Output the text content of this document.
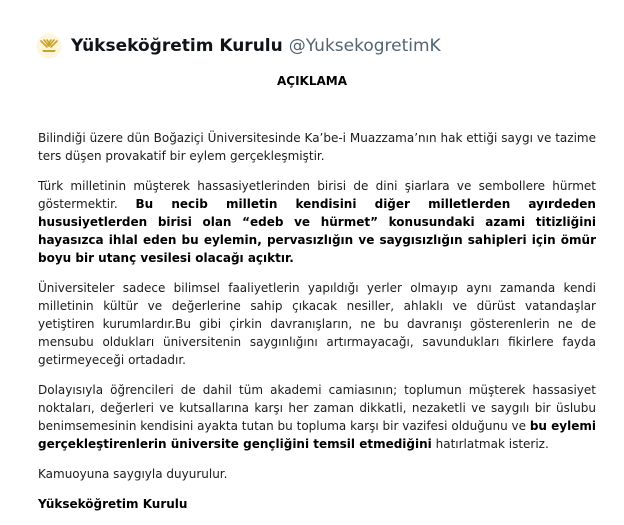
Yükseköğretim Kurulu @YuksekogretimK
AÇIKLAMA

Bilindiği üzere dün Boğaziçi Üniversitesinde Ka’be-i Muazzama’nın hak ettiği saygı ve tazime ters düşen provakatif bir eylem gerçekleşmiştir.

Türk milletinin müşterek hassasiyetlerinden birisi de dini şiarlara ve sembollere hürmet göstermektir. Bu necib milletin kendisini diğer milletlerden ayırdeden hususiyetlerden birisi olan “edeb ve hürmet” konusundaki azami titizliğini hayasızca ihlal eden bu eylemin, pervasızlığın ve saygısızlığın sahipleri için ömür boyu bir utanç vesilesi olacağı açıktır.

Üniversiteler sadece bilimsel faaliyetlerin yapıldığı yerler olmayıp aynı zamanda kendi milletinin kültür ve değerlerine sahip çıkacak nesiller, ahlaklı ve dürüst vatandaşlar yetiştiren kurumlardır.Bu gibi çirkin davranışların, ne bu davranışı gösterenlerin ne de mensubu oldukları üniversitenin saygınlığını artırmayacağı, savundukları fikirlere fayda getirmeyeceği ortadadır.

Dolayısıyla öğrencileri de dahil tüm akademi camiasının; toplumun müşterek hassasiyet noktaları, değerleri ve kutsallarına karşı her zaman dikkatli, nezaketli ve saygılı bir üslubu benimsemesinin kendisini ayakta tutan bu topluma karşı bir vazifesi olduğunu ve bu eylemi gerçekleştirenlerin üniversite gençliğini temsil etmediğini hatırlatmak isteriz.

Kamuoyuna saygıyla duyurulur.

Yükseköğretim Kurulu
